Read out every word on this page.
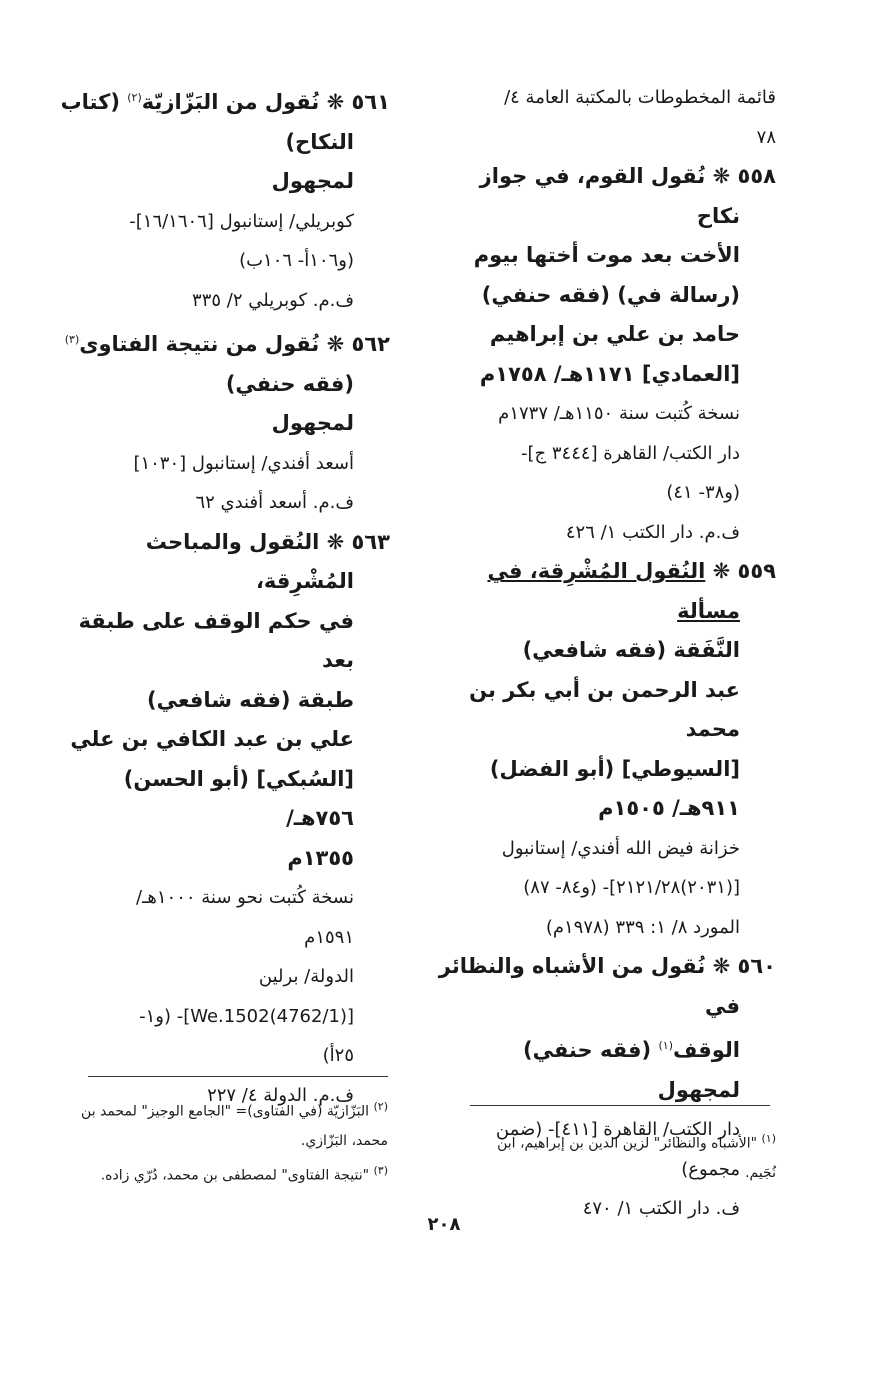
قائمة المخطوطات بالمكتبة العامة ٤/
٧٨
٥٥٨ ❋ نُقول القوم، في جواز نكاح
الأخت بعد موت أختها بيوم
(رسالة في) (فقه حنفي)
حامد بن علي بن إبراهيم
[العمادي] ١١٧١هـ/ ١٧٥٨م
نسخة كُتبت سنة ١١٥٠هـ/ ١٧٣٧م
دار الكتب/ القاهرة [٣٤٤٤ ج]-
(و٣٨- ٤١)
ف.م. دار الكتب ١/ ٤٢٦
٥٥٩ ❋ النُقول المُشْرِقة، في مسألة
النَّفَقة (فقه شافعي)
عبد الرحمن بن أبي بكر بن محمد
[السيوطي] (أبو الفضل)
٩١١هـ/ ١٥٠٥م
خزانة فيض الله أفندي/ إستانبول
[(٢٠٣١)٢١٢١/٢٨]- (و٨٤- ٨٧)
المورد ٨/ ١: ٣٣٩ (١٩٧٨م)
٥٦٠ ❋ نُقول من الأشباه والنظائر في
الوقف$^{(١)}$ (فقه حنفي)
لمجهول
دار الكتب/ القاهرة [٤١١]- (ضمن
مجموع)
ف. دار الكتب ١/ ٤٧٠
٥٦١ ❋ نُقول من البَزّازيّة$^{(٢)}$ (كتاب
النكاح)
لمجهول
كوبريلي/ إستانبول [١٦/١٦٠٦]-
(و١٠٦أ- ١٠٦ب)
ف.م. كوبريلي ٢/ ٣٣٥
٥٦٢ ❋ نُقول من نتيجة الفتاوى$^{(٣)}$
(فقه حنفي)
لمجهول
أسعد أفندي/ إستانبول [١٠٣٠]
ف.م. أسعد أفندي ٦٢
٥٦٣ ❋ النُقول والمباحث المُشْرِقة،
في حكم الوقف على طبقة بعد
طبقة (فقه شافعي)
علي بن عبد الكافي بن علي
[السُبكي] (أبو الحسن) ٧٥٦هـ/
١٣٥٥م
نسخة كُتبت نحو سنة ١٠٠٠هـ/
١٥٩١م
الدولة/ برلين
[(4762/1)We.1502]- (و١-
٢٥أ)
ف.م. الدولة ٤/ ٢٢٧
$^{(٢)}$ البَزّازيّة (في الفتاوى)= "الجامع الوجيز" لمحمد بن
محمد، البَزّازي.
$^{(٣)}$ "نتيجة الفتاوى" لمصطفى بن محمد، دُرّي زاده.
$^{(١)}$ "الأشباه والنظائر" لزين الدين بن إبراهيم، ابن
نُجَيم.
٢٠٨
